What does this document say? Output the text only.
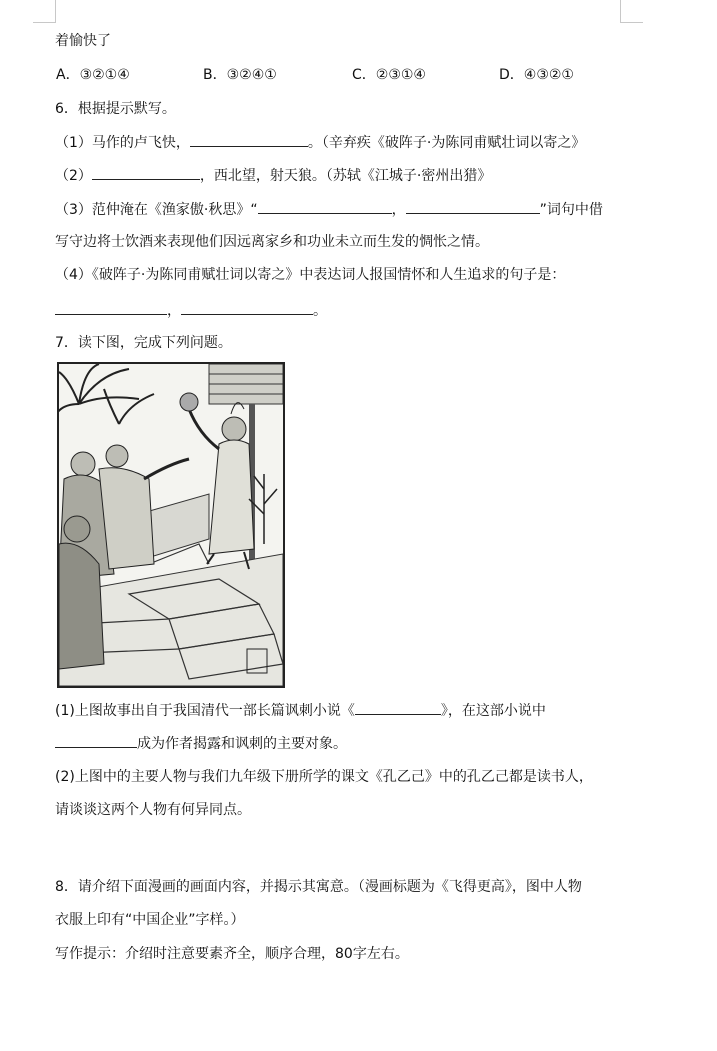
着愉快了
A．③②①④	B．③②④①	C．②③①④	D．④③②①
6．根据提示默写。
（1）马作的卢飞快，	。（辛弃疾《破阵子·为陈同甫赋壮词以寄之》
（2）	，西北望，射天狼。（苏轼《江城子·密州出猎》
（3）范仲淹在《渔家傲·秋思》“	，	”词句中借
写守边将士饮酒来表现他们因远离家乡和功业未立而生发的惆怅之情。
（4）《破阵子·为陈同甫赋壮词以寄之》中表达词人报国情怀和人生追求的句子是：
，	。
7．读下图，完成下列问题。
(1)上图故事出自于我国清代一部长篇讽刺小说《	》，在这部小说中
成为作者揭露和讽刺的主要对象。
(2)上图中的主要人物与我们九年级下册所学的课文《孔乙己》中的孔乙己都是读书人，
请谈谈这两个人物有何异同点。
8．请介绍下面漫画的画面内容，并揭示其寓意。（漫画标题为《飞得更高》，图中人物
衣服上印有“中国企业”字样。）
写作提示：介绍时注意要素齐全，顺序合理，80字左右。
